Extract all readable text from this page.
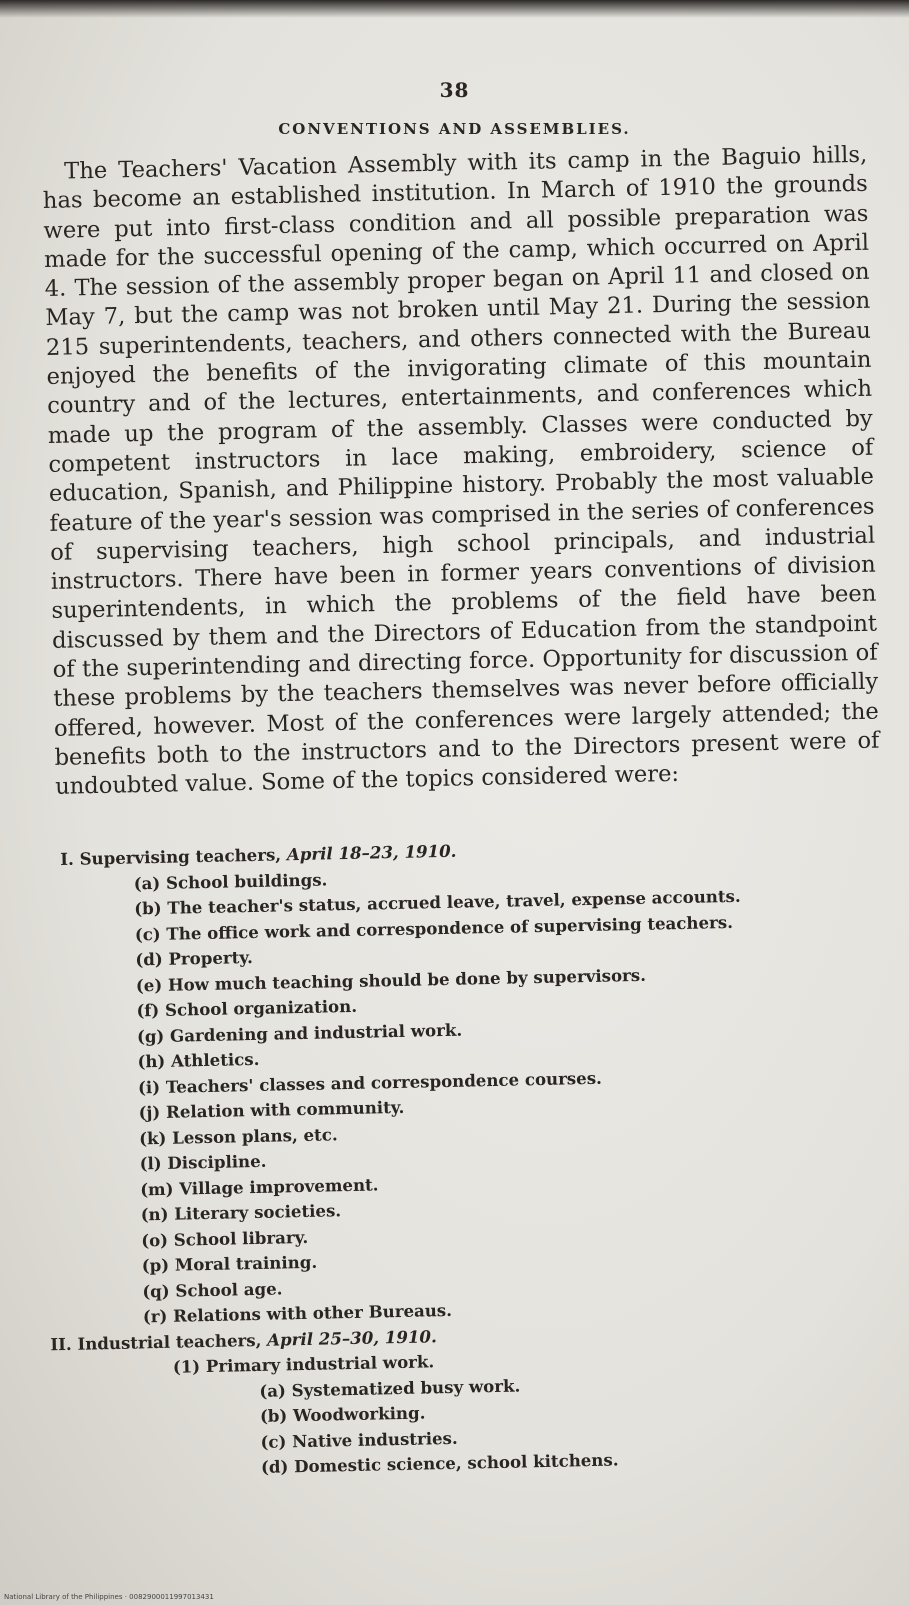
38
CONVENTIONS AND ASSEMBLIES.

The Teachers' Vacation Assembly with its camp in the Baguio hills, has become an established institution. In March of 1910 the grounds were put into first-class condition and all possible preparation was made for the successful opening of the camp, which occurred on April 4. The session of the assembly proper began on April 11 and closed on May 7, but the camp was not broken until May 21. During the session 215 superintendents, teachers, and others connected with the Bureau enjoyed the benefits of the invigorating climate of this mountain country and of the lectures, entertainments, and conferences which made up the program of the assembly. Classes were conducted by competent instructors in lace making, embroidery, science of education, Spanish, and Philippine history. Probably the most valuable feature of the year's session was comprised in the series of conferences of supervising teachers, high school principals, and industrial instructors. There have been in former years conventions of division superintendents, in which the problems of the field have been discussed by them and the Directors of Education from the standpoint of the superintending and directing force. Opportunity for discussion of these problems by the teachers themselves was never before officially offered, however. Most of the conferences were largely attended; the benefits both to the instructors and to the Directors present were of undoubted value. Some of the topics considered were:

I. Supervising teachers, April 18–23, 1910.
(a) School buildings.
(b) The teacher's status, accrued leave, travel, expense accounts.
(c) The office work and correspondence of supervising teachers.
(d) Property.
(e) How much teaching should be done by supervisors.
(f) School organization.
(g) Gardening and industrial work.
(h) Athletics.
(i) Teachers' classes and correspondence courses.
(j) Relation with community.
(k) Lesson plans, etc.
(l) Discipline.
(m) Village improvement.
(n) Literary societies.
(o) School library.
(p) Moral training.
(q) School age.
(r) Relations with other Bureaus.
II. Industrial teachers, April 25–30, 1910.
(1) Primary industrial work.
(a) Systematized busy work.
(b) Woodworking.
(c) Native industries.
(d) Domestic science, school kitchens.
National Library of the Philippines · 0082900011997013431
